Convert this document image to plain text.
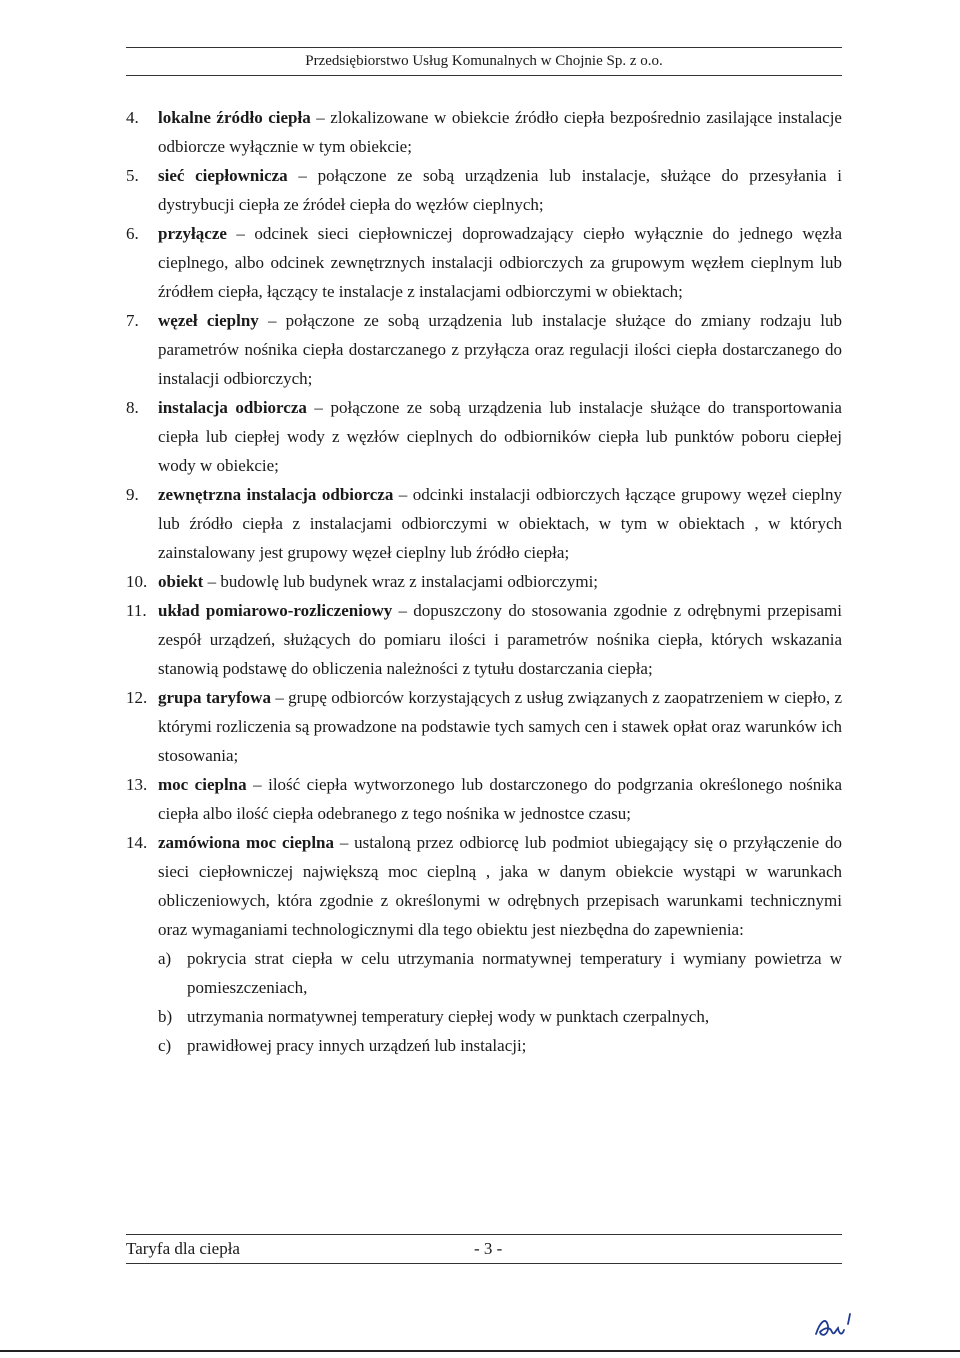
Przedsiębiorstwo Usług Komunalnych w Chojnie Sp. z o.o.
4. lokalne źródło ciepła – zlokalizowane w obiekcie źródło ciepła bezpośrednio zasilające instalacje odbiorcze wyłącznie w tym obiekcie;
5. sieć ciepłownicza – połączone ze sobą urządzenia lub instalacje, służące do przesyłania i dystrybucji ciepła ze źródeł ciepła do węzłów cieplnych;
6. przyłącze – odcinek sieci ciepłowniczej doprowadzający ciepło wyłącznie do jednego węzła cieplnego, albo odcinek zewnętrznych instalacji odbiorczych za grupowym węzłem cieplnym lub źródłem ciepła, łączący te instalacje z instalacjami odbiorczymi w obiektach;
7. węzeł cieplny – połączone ze sobą urządzenia lub instalacje służące do zmiany rodzaju lub parametrów nośnika ciepła dostarczanego z przyłącza oraz regulacji ilości ciepła dostarczanego do instalacji odbiorczych;
8. instalacja odbiorcza – połączone ze sobą urządzenia lub instalacje służące do transportowania ciepła lub ciepłej wody z węzłów cieplnych do odbiorników ciepła lub punktów poboru ciepłej wody w obiekcie;
9. zewnętrzna instalacja odbiorcza – odcinki instalacji odbiorczych łączące grupowy węzeł cieplny lub źródło ciepła z instalacjami odbiorczymi w obiektach, w tym w obiektach , w których zainstalowany jest grupowy węzeł cieplny lub źródło ciepła;
10. obiekt – budowlę lub budynek wraz z instalacjami odbiorczymi;
11. układ pomiarowo-rozliczeniowy – dopuszczony do stosowania zgodnie z odrębnymi przepisami zespół urządzeń, służących do pomiaru ilości i parametrów nośnika ciepła, których wskazania stanowią podstawę do obliczenia należności z tytułu dostarczania ciepła;
12. grupa taryfowa – grupę odbiorców korzystających z usług związanych z zaopatrzeniem w ciepło, z którymi rozliczenia są prowadzone na podstawie tych samych cen i stawek opłat oraz warunków ich stosowania;
13. moc cieplna – ilość ciepła wytworzonego lub dostarczonego do podgrzania określonego nośnika ciepła albo ilość ciepła odebranego z tego nośnika w jednostce czasu;
14. zamówiona moc cieplna – ustaloną przez odbiorcę lub podmiot ubiegający się o przyłączenie do sieci ciepłowniczej największą moc cieplną , jaka w danym obiekcie wystąpi w warunkach obliczeniowych, która zgodnie z określonymi w odrębnych przepisach warunkami technicznymi oraz wymaganiami technologicznymi dla tego obiektu jest niezbędna do zapewnienia:
a) pokrycia strat ciepła w celu utrzymania normatywnej temperatury i wymiany powietrza w pomieszczeniach,
b) utrzymania normatywnej temperatury ciepłej wody w punktach czerpalnych,
c) prawidłowej pracy innych urządzeń lub instalacji;
Taryfa dla ciepła	- 3 -
